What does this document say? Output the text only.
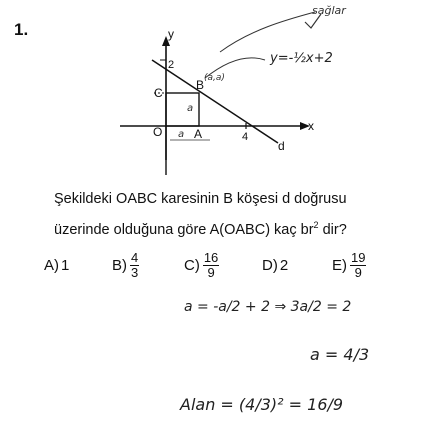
1.	y
x
d
O
C
B
A
2
4
a
a
(a,a)
y=-½x+2
sağlar
Şekildeki OABC karesinin B köşesi d doğrusu
üzerinde olduğuna göre A(OABC) kaç $br^2$ dir?
A) 1	$B) \frac{4}{3}$	$C) \frac{16}{9}$	D) 2	$E) \frac{19}{9}$
a = -a/2 + 2 ⇒ 3a/2 = 2
a = 4/3
Alan = (4/3)² = 16/9
